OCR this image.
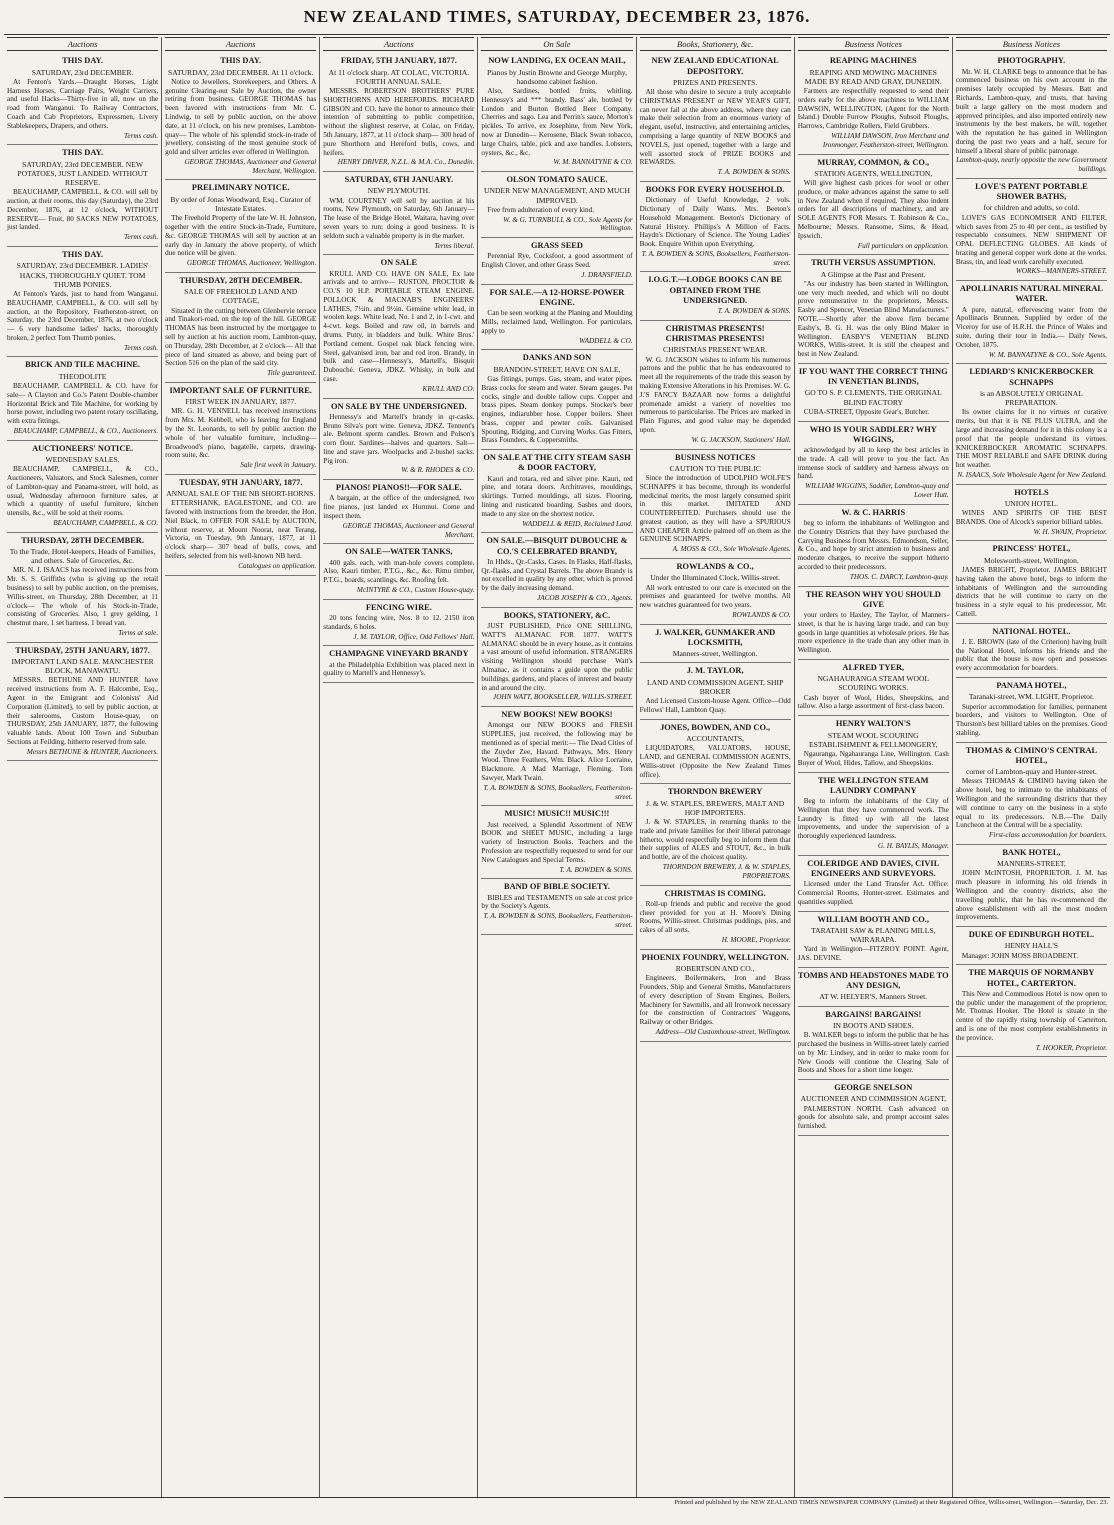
NEW ZEALAND TIMES, SATURDAY, DECEMBER 23, 1876.
Auctions
THIS DAY.
SATURDAY, 23rd DECEMBER.
At Fenton's Yards.—Draught Horses, Light Harness Horses, Carriage Pairs, Weight Carriers, and useful Hacks—Thirty-five in all, now on the road from Wanganui. To Railway Contractors, Coach and Cab Proprietors, Expressmen, Livery Stablekeepers, Drapers, and others.
Terms cash.
THIS DAY.
SATURDAY, 23rd DECEMBER. NEW POTATOES, JUST LANDED. WITHOUT RESERVE.
BEAUCHAMP, CAMPBELL, & CO. will sell by auction, at their rooms, this day (Saturday), the 23rd December, 1876, at 12 o'clock, WITHOUT RESERVE— Fruit, 80 SACKS NEW POTATOES, just landed.
Terms cash.
THIS DAY.
SATURDAY, 23rd DECEMBER. LADIES' HACKS, THOROUGHLY QUIET. TOM THUMB PONIES.
At Fenton's Yards, just to hand from Wanganui. BEAUCHAMP, CAMPBELL, & CO. will sell by auction, at the Repository, Featherston-street, on Saturday, the 23rd December, 1876, at two o'clock— 6 very handsome ladies' hacks, thoroughly broken, 2 perfect Tom Thumb ponies.
Terms cash.
BRICK AND TILE MACHINE.
THEODOLITE
BEAUCHAMP, CAMPBELL & CO. have for sale— A Clayton and Co.'s Patent Double-chamber Horizontal Brick and Tile Machine, for working by horse power, including two patent rotary oscillating, with extra fittings.
BEAUCHAMP, CAMPBELL, & CO., Auctioneers.
AUCTIONEERS' NOTICE.
WEDNESDAY SALES.
BEAUCHAMP, CAMPBELL, & CO., Auctioneers, Valuators, and Stock Salesmen, corner of Lambton-quay and Panama-street, will hold, as usual, Wednesday afternoon furniture sales, at which a quantity of useful furniture, kitchen utensils, &c., will be sold at their rooms.
BEAUCHAMP, CAMPBELL, & CO.
THURSDAY, 28TH DECEMBER.
To the Trade, Hotel-keepers, Heads of Families, and others. Sale of Groceries, &c.
MR. N. J. ISAACS has received instructions from Mr. S. S. Griffiths (who is giving up the retail business) to sell by public auction, on the premises, Willis-street, on Thursday, 28th December, at 11 o'clock— The whole of his Stock-in-Trade, consisting of Groceries. Also, 1 grey gelding, 1 chestnut mare, 1 set harness, 1 bread van.
Terms at sale.
THURSDAY, 25TH JANUARY, 1877.
IMPORTANT LAND SALE. MANCHESTER BLOCK, MANAWATU.
MESSRS. BETHUNE AND HUNTER have received instructions from A. F. Halcombe, Esq., Agent in the Emigrant and Colonists' Aid Corporation (Limited), to sell by public auction, at their salerooms, Custom House-quay, on THURSDAY, 25th JANUARY, 1877, the following valuable lands. About 100 Town and Suburban Sections at Feilding, hitherto reserved from sale.
Messrs BETHUNE & HUNTER, Auctioneers.
Auctions
THIS DAY.
SATURDAY, 23rd DECEMBER. At 11 o'clock.
Notice to Jewellers, Storekeepers, and Others. A genuine Clearing-out Sale by Auction, the owner retiring from business. GEORGE THOMAS has been favored with instructions from Mr. C. Lindwig, to sell by public auction, on the above date, at 11 o'clock, on his new premises, Lambton-quay— The whole of his splendid stock-in-trade of jewellery, consisting of the most genuine stock of gold and silver articles ever offered in Wellington.
GEORGE THOMAS, Auctioneer and General Merchant, Wellington.
PRELIMINARY NOTICE.
By order of Jonas Woodward, Esq., Curator of Intestate Estates.
The Freehold Property of the late W. H. Johnston, together with the entire Stock-in-Trade, Furniture, &c. GEORGE THOMAS will sell by auction at an early day in January the above property, of which due notice will be given.
GEORGE THOMAS, Auctioneer, Wellington.
THURSDAY, 28TH DECEMBER.
SALE OF FREEHOLD LAND AND COTTAGE,
Situated in the cutting between Glenbervie terrace and Tinakori-road, on the top of the hill. GEORGE THOMAS has been instructed by the mortgagee to sell by auction at his auction room, Lambton-quay, on Thursday, 28th December, at 2 o'clock— All that piece of land situated as above, and being part of Section 516 on the plan of the said city.
Title guaranteed.
IMPORTANT SALE OF FURNITURE.
FIRST WEEK IN JANUARY, 1877.
MR. G. H. VENNELL has received instructions from Mrs. M. Kebbell, who is leaving for England by the St. Leonards, to sell by public auction the whole of her valuable furniture, including— Broadwood's piano, bagatelle, carpets, drawing-room suite, &c.
Sale first week in January.
TUESDAY, 9TH JANUARY, 1877.
ANNUAL SALE OF THE NB SHORT-HORNS.
ETTERSHANK, EAGLESTONE, and CO. are favored with instructions from the breeder, the Hon. Niel Black, to OFFER FOR SALE by AUCTION, without reserve, at Mount Noorat, near Terang, Victoria, on Tuesday, 9th January, 1877, at 11 o'clock sharp— 307 head of bulls, cows, and heifers, selected from his well-known NB herd.
Catalogues on application.
Auctions
FRIDAY, 5TH JANUARY, 1877.
At 11 o'clock sharp. AT COLAC, VICTORIA. FOURTH ANNUAL SALE.
MESSRS. ROBERTSON BROTHERS' PURE SHORTHORNS AND HEREFORDS. RICHARD GIBSON and CO. have the honor to announce their intention of submitting to public competition, without the slightest reserve, at Colac, on Friday, 5th January, 1877, at 11 o'clock sharp— 300 head of pure Shorthorn and Hereford bulls, cows, and heifers.
HENRY DRIVER, N.Z.L. & M.A. Co., Dunedin.
SATURDAY, 6TH JANUARY.
NEW PLYMOUTH.
WM. COURTNEY will sell by auction at his rooms, New Plymouth, on Saturday, 6th January— The lease of the Bridge Hotel, Waitara, having over seven years to run; doing a good business. It is seldom such a valuable property is in the market.
Terms liberal.
ON SALE
KRULL AND CO. HAVE ON SALE, Ex late arrivals and to arrive— RUSTON, PROCTOR & CO.'S 10 H.P. PORTABLE STEAM ENGINE. POLLOCK & MACNAB'S ENGINEERS' LATHES, 7½in. and 9½in. Genuine white lead, in woolen kegs. White lead, No. 1 and 2, in 1-cwt. and 4-cwt. kegs. Boiled and raw oil, in barrels and drums. Putty, in bladders and bulk. White Bros.' Portland cement. Gospel oak black fencing wire. Steel, galvanised iron, bar and rod iron. Brandy, in bulk and case—Hennessy's, Martell's, Bisquit Dubouché. Geneva, JDKZ. Whisky, in bulk and case.
KRULL AND CO.
ON SALE BY THE UNDERSIGNED.
Hennessy's and Martell's brandy in qr-casks. Bruno Silva's port wine. Geneva, JDKZ. Tennent's ale. Belmont sperm candles. Brown and Polson's corn flour. Sardines—halves and quarters. Salt—line and stave jars. Woolpacks and 2-bushel sacks. Pig iron.
W. & R. RHODES & CO.
PIANOS! PIANOS!!—FOR SALE.
A bargain, at the office of the undersigned, two fine pianos, just landed ex Hurunui. Come and inspect them.
GEORGE THOMAS, Auctioneer and General Merchant.
ON SALE—WATER TANKS,
400 gals. each, with man-hole covers complete. Also, Kauri timber, P.T.G., &c., &c. Rimu timber, P.T.G., boards, scantlings, &c. Roofing felt.
McINTYRE & CO., Custom House-quay.
FENCING WIRE.
20 tons fencing wire, Nos. 8 to 12. 2150 iron standards, 6 holes.
J. M. TAYLOR, Office, Odd Fellows' Hall.
CHAMPAGNE VINEYARD BRANDY
at the Philadelphia Exhibition was placed next in quality to Martell's and Hennessy's.
On Sale
NOW LANDING, EX OCEAN MAIL,
Pianos by Justin Browne and George Murphy, handsome cabinet fashion.
Also, Sardines, bottled fruits, whitling. Hennessy's and *** brandy. Bass' ale, bottled by London and Burton Bottled Beer Company. Cherries and sago. Lea and Perrin's sauce, Morton's pickles. To arrive, ex Josephine, from New York, now at Dunedin— Kerosene, Black Swan tobacco, large Chairs, table, pick and axe handles. Lobsters, oysters, &c., &c.
W. M. BANNATYNE & CO.
OLSON TOMATO SAUCE.
UNDER NEW MANAGEMENT, AND MUCH IMPROVED.
Free from adulteration of every kind.
W. & G. TURNBULL & CO., Sole Agents for Wellington.
GRASS SEED
Perennial Rye, Cocksfoot, a good assortment of English Clover, and other Grass Seed.
J. DRANSFIELD.
FOR SALE.—A 12-HORSE-POWER ENGINE.
Can be seen working at the Planing and Moulding Mills, reclaimed land, Wellington. For particulars, apply to
WADDELL & CO.
DANKS AND SON
BRANDON-STREET, HAVE ON SALE,
Gas fittings, pumps. Gas, steam, and water pipes. Brass cocks for steam and water. Steam gauges. Pet cocks, single and double tallow cups. Copper and brass pipes. Steam donkey pumps. Stocker's beer engines, indiarubber hose. Copper boilers. Sheet brass, copper and pewter coils. Galvanised Spouting, Ridging, and Curving Works. Gas Fitters, Brass Founders, & Coppersmiths.
ON SALE AT THE CITY STEAM SASH & DOOR FACTORY,
Kauri and totara, red and silver pine. Kauri, red pine, and totara doors. Architraves, mouldings, skirtings. Turned mouldings, all sizes. Flooring, lining and rusticated boarding. Sashes and doors, made to any size on the shortest notice.
WADDELL & REID, Reclaimed Land.
ON SALE.—BISQUIT DUBOUCHE & CO.'S CELEBRATED BRANDY,
In Hhds., Qr.-Casks, Cases. In Flasks, Half-flasks, Qr.-flasks, and Crystal Barrels. The above Brandy is not excelled in quality by any other, which is proved by the daily increasing demand.
JACOB JOSEPH & CO., Agents.
BOOKS, STATIONERY, &C.
JUST PUBLISHED, Price ONE SHILLING, WATT'S ALMANAC FOR 1877. WATT'S ALMANAC should be in every house, as it contains a vast amount of useful information. STRANGERS visiting Wellington should purchase Watt's Almanac, as it contains a guide upon the public buildings, gardens, and places of interest and beauty in and around the city.
JOHN WATT, BOOKSELLER, WILLIS-STREET.
NEW BOOKS! NEW BOOKS!
Amongst our NEW BOOKS and FRESH SUPPLIES, just received, the following may be mentioned as of special merit:— The Dead Cities of the Zuyder Zee, Havard. Pathways, Mrs. Henry Wood. Three Feathers, Wm. Black. Alice Lorraine, Blackmore. A Mad Marriage, Fleming. Tom Sawyer, Mark Twain.
T. A. BOWDEN & SONS, Booksellers, Featherston-street.
MUSIC! MUSIC!! MUSIC!!!
Just received, a Splendid Assortment of NEW BOOK and SHEET MUSIC, including a large variety of Instruction Books. Teachers and the Profession are respectfully requested to send for our New Catalogues and Special Terms.
T. A. BOWDEN & SONS.
BAND OF BIBLE SOCIETY.
BIBLES and TESTAMENTS on sale at cost price by the Society's Agents.
T. A. BOWDEN & SONS, Booksellers, Featherston-street.
Books, Stationery, &c.
NEW ZEALAND EDUCATIONAL DEPOSITORY.
PRIZES AND PRESENTS.
All those who desire to secure a truly acceptable CHRISTMAS PRESENT or NEW YEAR'S GIFT, can never fail at the above address, where they can make their selection from an enormous variety of elegant, useful, instructive, and entertaining articles, comprising a large quantity of NEW BOOKS and NOVELS, just opened, together with a large and well assorted stock of PRIZE BOOKS and REWARDS.
T. A. BOWDEN & SONS.
BOOKS FOR EVERY HOUSEHOLD.
Dictionary of Useful Knowledge, 2 vols. Dictionary of Daily Wants. Mrs. Beeton's Household Management. Beeton's Dictionary of Natural History. Phillips's A Million of Facts. Haydn's Dictionary of Science. The Young Ladies' Book. Enquire Within upon Everything.
T. A. BOWDEN & SONS, Booksellers, Featherston-street.
I.O.G.T.—LODGE BOOKS CAN BE OBTAINED FROM THE UNDERSIGNED.
T. A. BOWDEN & SONS.
CHRISTMAS PRESENTS! CHRISTMAS PRESENTS!
CHRISTMAS PRESENT WEAR.
W. G. JACKSON wishes to inform his numerous patrons and the public that he has endeavoured to meet all the requirements of the trade this season by making Extensive Alterations in his Premises. W. G. J.'S FANCY BAZAAR now forms a delightful promenade amidst a variety of novelties too numerous to particularise. The Prices are marked in Plain Figures, and good value may be depended upon.
W. G. JACKSON, Stationers' Hall.
BUSINESS NOTICES
CAUTION TO THE PUBLIC
Since the introduction of UDOLPHO WOLFE'S SCHNAPPS it has become, through its wonderful medicinal merits, the most largely consumed spirit in this market. IMITATED AND COUNTERFEITED. Purchasers should use the greatest caution, as they will have a SPURIOUS AND CHEAPER Article palmed off on them as the GENUINE SCHNAPPS.
A. MOSS & CO., Sole Wholesale Agents.
ROWLANDS & CO.,
Under the Illuminated Clock, Willis-street.
All work entrusted to our care is executed on the premises and guaranteed for twelve months. All new watches guaranteed for two years.
ROWLANDS & CO.
J. WALKER, GUNMAKER AND LOCKSMITH,
Manners-street, Wellington.
J. M. TAYLOR,
LAND AND COMMISSION AGENT, SHIP BROKER
And Licensed Custom-house Agent. Office—Odd Fellows' Hall, Lambton Quay.
JONES, BOWDEN, AND CO.,
ACCOUNTANTS,
LIQUIDATORS, VALUATORS, HOUSE, LAND, and GENERAL COMMISSION AGENTS, Willis-street (Opposite the New Zealand Times office).
THORNDON BREWERY
J. & W. STAPLES, BREWERS, MALT AND HOP IMPORTERS.
J. & W. STAPLES, in returning thanks to the trade and private families for their liberal patronage hitherto, would respectfully beg to inform them that their supplies of ALES and STOUT, &c., in bulk and bottle, are of the choicest quality.
THORNDON BREWERY, J. & W. STAPLES, PROPRIETORS.
CHRISTMAS IS COMING.
Roll-up friends and public and receive the good cheer provided for you at H. Moore's Dining Rooms, Willis-street. Christmas puddings, pies, and cakes of all sorts.
H. MOORE, Proprietor.
PHOENIX FOUNDRY, WELLINGTON.
ROBERTSON AND CO.,
Engineers, Boilermakers, Iron and Brass Founders, Ship and General Smiths, Manufacturers of every description of Steam Engines, Boilers, Machinery for Sawmills, and all Ironwork necessary for the construction of Contractors' Waggons, Railway or other Bridges.
Address—Old Customhouse-street, Wellington.
Business Notices
REAPING MACHINES
REAPING AND MOWING MACHINES MADE BY READ AND GRAY, DUNEDIN.
Farmers are respectfully requested to send their orders early for the above machines to WILLIAM DAWSON, WELLINGTON, (Agent for the North Island.) Double Furrow Ploughs, Subsoil Ploughs, Harrows, Cambridge Rollers, Field Grubbers.
WILLIAM DAWSON, Iron Merchant and Ironmonger, Featherston-street, Wellington.
MURRAY, COMMON, & CO.,
STATION AGENTS, WELLINGTON,
Will give highest cash prices for wool or other produce, or make advances against the same to sell in New Zealand when if required. They also indent orders for all descriptions of machinery, and are SOLE AGENTS FOR Messrs. T. Robinson & Co., Melbourne; Messrs. Ransome, Sims, & Head, Ipswich.
Full particulars on application.
TRUTH VERSUS ASSUMPTION.
A Glimpse at the Past and Present.
"As our industry has been started in Wellington, one very much needed, and which will no doubt prove remunerative to the proprietors, Messrs. Easby and Spencer, Venetian Blind Manufacturers." NOTE.—Shortly after the above firm became Easby's, B. G. H. was the only Blind Maker in Wellington. EASBY'S VENETIAN BLIND WORKS, Willis-street. It is still the cheapest and best in New Zealand.
IF YOU WANT THE CORRECT THING IN VENETIAN BLINDS,
GO TO S. P. CLEMENTS, THE ORIGINAL BLIND FACTORY
CUBA-STREET, Opposite Gear's, Butcher.
WHO IS YOUR SADDLER? WHY WIGGINS,
acknowledged by all to keep the best articles in the trade. A call will prove to you the fact. An immense stock of saddlery and harness always on hand.
WILLIAM WIGGINS, Saddler, Lambton-quay and Lower Hutt.
W. & C. HARRIS
beg to inform the inhabitants of Wellington and the Country Districts that they have purchased the Carrying Business from Messrs. Edmondson, Seller, & Co., and hope by strict attention to business and moderate charges, to receive the support hitherto accorded to their predecessors.
THOS. C. DARCY, Lambton-quay.
THE REASON WHY YOU SHOULD GIVE
your orders to Haxley, The Taylor, of Manners-street, is that he is having large trade, and can buy goods in large quantities at wholesale prices. He has more experience in the trade than any other man in Wellington.
ALFRED TYER,
NGAHAURANGA STEAM WOOL SCOURING WORKS.
Cash buyer of Wool, Hides, Sheepskins, and tallow. Also a large assortment of first-class bacon.
HENRY WALTON'S
STEAM WOOL SCOURING ESTABLISHMENT & FELLMONGERY,
Ngauranga, Ngahauranga Line, Wellington. Cash Buyer of Wool, Hides, Tallow, and Sheepskins.
THE WELLINGTON STEAM LAUNDRY COMPANY
Beg to inform the inhabitants of the City of Wellington that they have commenced work. The Laundry is fitted up with all the latest improvements, and under the supervision of a thoroughly experienced laundress.
G. H. BAYLIS, Manager.
COLERIDGE AND DAVIES, CIVIL ENGINEERS AND SURVEYORS.
Licensed under the Land Transfer Act. Office: Commercial Rooms, Hunter-street. Estimates and quantities supplied.
WILLIAM BOOTH AND CO.,
TARATAHI SAW & PLANING MILLS, WAIRARAPA.
Yard in Wellington—FITZROY POINT. Agent, JAS. DEVINE.
TOMBS AND HEADSTONES MADE TO ANY DESIGN,
AT W. HELYER'S, Manners Street.
BARGAINS! BARGAINS!
IN BOOTS AND SHOES.
B. WALKER begs to inform the public that he has purchased the business in Willis-street lately carried on by Mr. Lindsey, and in order to make room for New Goods will continue the Clearing Sale of Boots and Shoes for a short time longer.
GEORGE SNELSON
AUCTIONEER AND COMMISSION AGENT,
PALMERSTON NORTH. Cash advanced on goods for absolute sale, and prompt account sales furnished.
Business Notices
PHOTOGRAPHY.
Mr. W. H. CLARKE begs to announce that he has commenced business on his own account in the premises lately occupied by Messrs. Batt and Richards, Lambton-quay, and trusts, that having built a large gallery on the most modern and approved principles, and also imported entirely new instruments by the best makers, he will, together with the reputation he has gained in Wellington during the past two years and a half, secure for himself a liberal share of public patronage.
Lambton-quay, nearly opposite the new Government buildings.
LOVE'S PATENT PORTABLE SHOWER BATHS,
for children and adults, so cold.
LOVE'S GAS ECONOMISER AND FILTER, which saves from 25 to 40 per cent., as testified by respectable consumers. NEW SHIPMENT OF OPAL DEFLECTING GLOBES. All kinds of brazing and general copper work done at the works. Brass, tin, and lead work carefully executed.
WORKS—MANNERS-STREET.
APOLLINARIS NATURAL MINERAL WATER.
A pure, natural, effervescing water from the Apollinaris Brunnen. Supplied by order of the Viceroy for use of H.R.H. the Prince of Wales and suite, during their tour in India.— Daily News, October, 1875.
W. M. BANNATYNE & CO., Sole Agents.
LEDIARD'S KNICKERBOCKER SCHNAPPS
is an ABSOLUTELY ORIGINAL PREPARATION.
Its owner claims for it no virtues or curative merits, but that it is NE PLUS ULTRA, and the large and increasing demand for it in this colony is a proof that the people understand its virtues. KNICKERBOCKER AROMATIC SCHNAPPS. THE MOST RELIABLE and SAFE DRINK during hot weather.
N. ISAACS, Sole Wholesale Agent for New Zealand.
HOTELS
UNION HOTEL.
WINES AND SPIRITS OF THE BEST BRANDS. One of Alcock's superior billiard tables.
W. H. SWAIN, Proprietor.
PRINCESS' HOTEL,
Molesworth-street, Wellington.
JAMES BRIGHT, Proprietor. JAMES BRIGHT having taken the above hotel, begs to inform the inhabitants of Wellington and the surrounding districts that he will continue to carry on the business in a style equal to his predecessor, Mr. Cattell.
NATIONAL HOTEL.
J. E. BROWN (late of the Criterion) having built the National Hotel, informs his friends and the public that the house is now open and possesses every accommodation for boarders.
PANAMA HOTEL,
Taranaki-street, WM. LIGHT, Proprietor.
Superior accommodation for families, permanent boarders, and visitors to Wellington. One of Thurston's best billiard tables on the premises. Good stabling.
THOMAS & CIMINO'S CENTRAL HOTEL,
corner of Lambton-quay and Hunter-street.
Messrs THOMAS & CIMINO having taken the above hotel, beg to intimate to the inhabitants of Wellington and the surrounding districts that they will continue to carry on the business in a style equal to its predecessors. N.B.—The Daily Luncheon at the Central will be a speciality.
First-class accommodation for boarders.
BANK HOTEL,
MANNERS-STREET,
JOHN McINTOSH, PROPRIETOR. J. M. has much pleasure in informing his old friends in Wellington and the country districts, also the travelling public, that he has re-commenced the above establishment with all the most modern improvements.
DUKE OF EDINBURGH HOTEL.
HENRY HALL'S
Manager: JOHN MOSS BROADBENT.
THE MARQUIS OF NORMANBY HOTEL, CARTERTON.
This New and Commodious Hotel is now open to the public under the management of the proprietor, Mr. Thomas Hooker. The Hotel is situate in the centre of the rapidly rising township of Carterton, and is one of the most complete establishments in the province.
T. HOOKER, Proprietor.
Printed and published by the NEW ZEALAND TIMES NEWSPAPER COMPANY (Limited) at their Registered Office, Willis-street, Wellington.—Saturday, Dec. 23.
